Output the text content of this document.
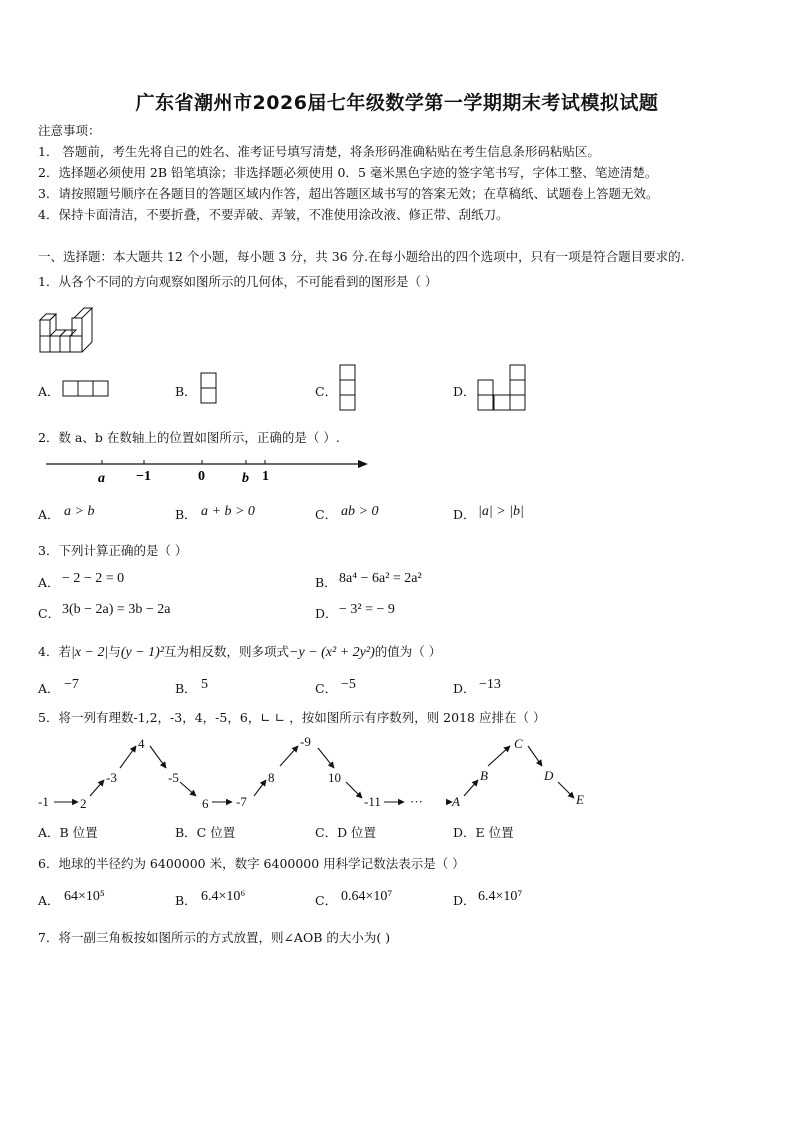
广东省潮州市2026届七年级数学第一学期期末考试模拟试题
注意事项：
1． 答题前，考生先将自己的姓名、准考证号填写清楚，将条形码准确粘贴在考生信息条形码粘贴区。
2．选择题必须使用 2B 铅笔填涂；非选择题必须使用 0．5 毫米黑色字迹的签字笔书写，字体工整、笔迹清楚。
3．请按照题号顺序在各题目的答题区域内作答，超出答题区域书写的答案无效；在草稿纸、试题卷上答题无效。
4．保持卡面清洁，不要折叠，不要弄破、弄皱，不准使用涂改液、修正带、刮纸刀。
一、选择题：本大题共 12 个小题，每小题 3 分，共 36 分.在每小题给出的四个选项中，只有一项是符合题目要求的.
1．从各个不同的方向观察如图所示的几何体，不可能看到的图形是（ ）
A．	B．	C．	D．
2．数 a、b 在数轴上的位置如图所示，正确的是（ ）.
a −1	0	b 1
A． a > b	B． a + b > 0	C． ab > 0	D． |a| > |b|
3．下列计算正确的是（ ）
A． − 2 − 2 = 0	B． 8a⁴ − 6a² = 2a²
C． 3(b − 2a) = 3b − 2a	D． − 3² = − 9
4．若|x − 2|与(y − 1)²互为相反数，则多项式−y − (x² + 2y²)的值为（ ）
A． −7	B． 5	C． −5	D． −13
5．将一列有理数-1,2，-3，4，-5，6，∟ ∟ ，按如图所示有序数列，则 2018 应排在（ ）
-1 2
-3
4
-5
6 -7
8
-9
10
-11 ··· A
B
C
D
E
A．B 位置	B．C 位置	C．D 位置	D．E 位置
6．地球的半径约为 6400000 米，数字 6400000 用科学记数法表示是（ ）
A． 64×10⁵	B． 6.4×10⁶	C． 0.64×10⁷	D． 6.4×10⁷
7．将一副三角板按如图所示的方式放置，则∠AOB 的大小为( )
